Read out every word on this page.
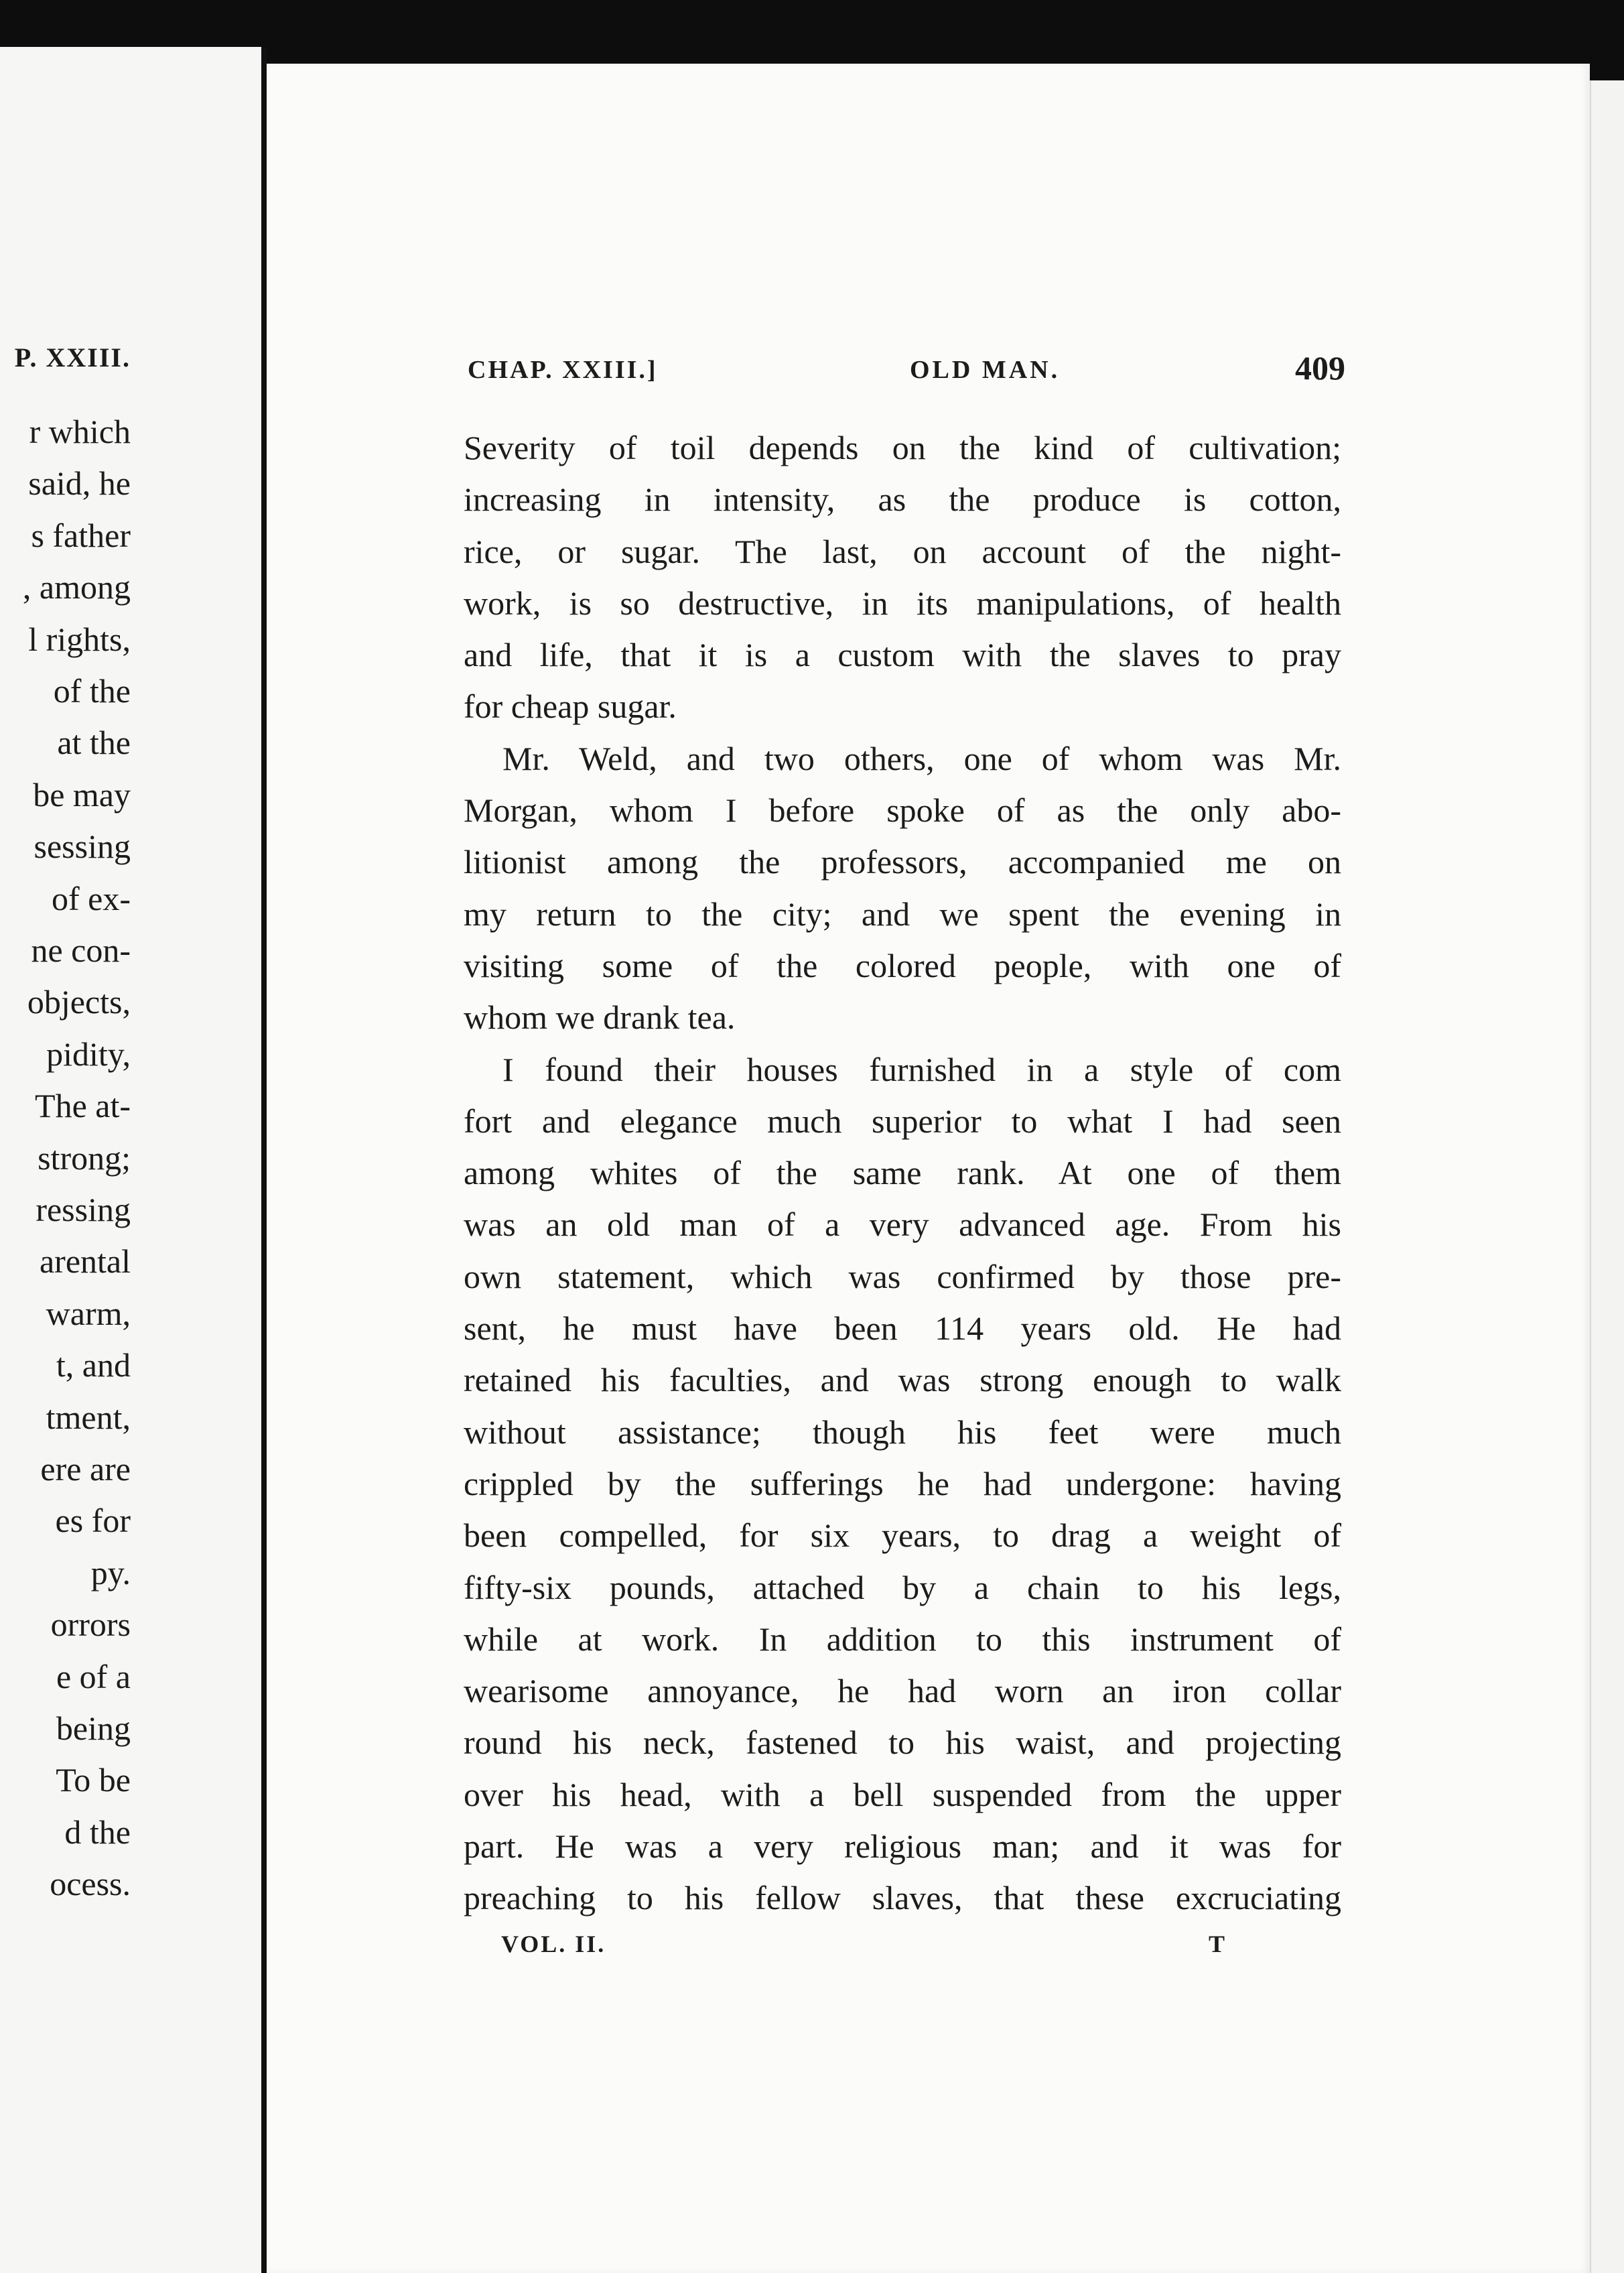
P. XXIII.
r which
said, he
s father
, among
l rights,
of the
at the
be may
sessing
of ex-
ne con-
objects,
pidity,
The at-
strong;
ressing
arental
warm,
t, and
tment,
ere are
es for
py.
orrors
e of a
being
To be
d the
ocess.
CHAP. XXIII.]	OLD MAN.	409
Severity of toil depends on the kind of cultivation;
increasing in intensity, as the produce is cotton,
rice, or sugar. The last, on account of the night-
work, is so destructive, in its manipulations, of health
and life, that it is a custom with the slaves to pray
for cheap sugar.
Mr. Weld, and two others, one of whom was Mr.
Morgan, whom I before spoke of as the only abo-
litionist among the professors, accompanied me on
my return to the city; and we spent the evening in
visiting some of the colored people, with one of
whom we drank tea.
I found their houses furnished in a style of com
fort and elegance much superior to what I had seen
among whites of the same rank. At one of them
was an old man of a very advanced age. From his
own statement, which was confirmed by those pre-
sent, he must have been 114 years old. He had
retained his faculties, and was strong enough to walk
without assistance; though his feet were much
crippled by the sufferings he had undergone: having
been compelled, for six years, to drag a weight of
fifty-six pounds, attached by a chain to his legs,
while at work. In addition to this instrument of
wearisome annoyance, he had worn an iron collar
round his neck, fastened to his waist, and projecting
over his head, with a bell suspended from the upper
part. He was a very religious man; and it was for
preaching to his fellow slaves, that these excruciating
VOL. II.	T
